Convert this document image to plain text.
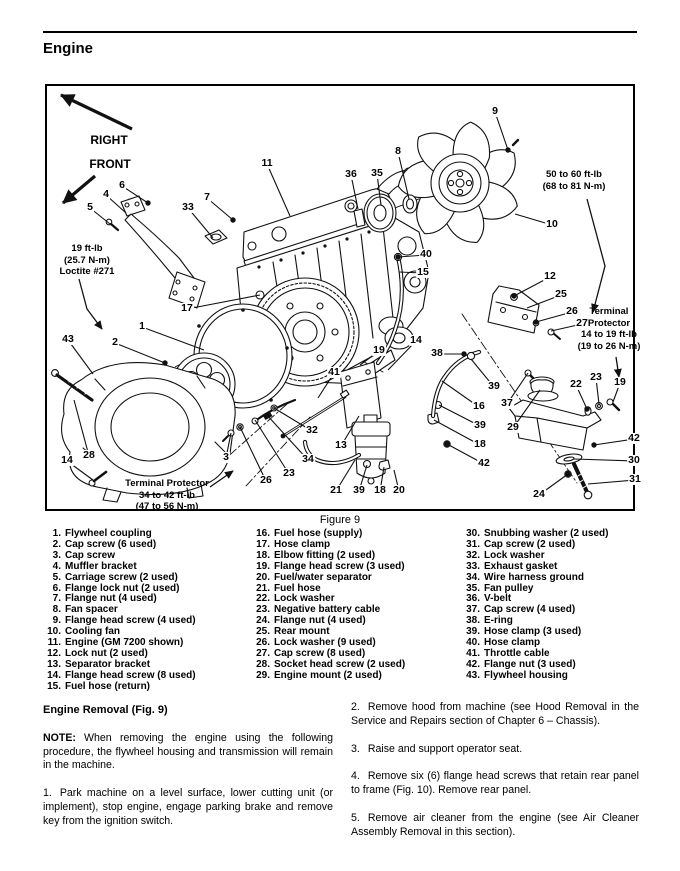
Engine
5
4
6
33
7
11
36 35
8
9
10
40
15	12
25
26
27
17
1
2
43
19
14
38
41
39
16 37
29
39
18
42
13
21 39 18 20
22
23 19
42
30
31
24
14 28	3
26
23
34
32
RIGHT
FRONT
19 ft-lb
(25.7 N-m)
Loctite #271
50 to 60 ft-lb
(68 to 81 N-m)
Terminal
Protector
14 to 19 ft-lb
(19 to 26 N-m)
Terminal Protector
34 to 42 ft-lb
(47 to 56 N-m)
Figure 9
1. Flywheel coupling
2. Cap screw (6 used)
3. Cap screw
4. Muffler bracket
5. Carriage screw (2 used)
6. Flange lock nut (2 used)
7. Flange nut (4 used)
8. Fan spacer
9. Flange head screw (4 used)
10. Cooling fan
11. Engine (GM 7200 shown)
12. Lock nut (2 used)
13. Separator bracket
14. Flange head screw (8 used)
15. Fuel hose (return)
16. Fuel hose (supply)
17. Hose clamp
18. Elbow fitting (2 used)
19. Flange head screw (3 used)
20. Fuel/water separator
21. Fuel hose
22. Lock washer
23. Negative battery cable
24. Flange nut (4 used)
25. Rear mount
26. Lock washer (9 used)
27. Cap screw (8 used)
28. Socket head screw (2 used)
29. Engine mount (2 used)
30. Snubbing washer (2 used)
31. Cap screw (2 used)
32. Lock washer
33. Exhaust gasket
34. Wire harness ground
35. Fan pulley
36. V-belt
37. Cap screw (4 used)
38. E-ring
39. Hose clamp (3 used)
40. Hose clamp
41. Throttle cable
42. Flange nut (3 used)
43. Flywheel housing
Engine Removal (Fig. 9)

NOTE: When removing the engine using the following procedure, the flywheel housing and transmission will remain in the machine.

1. Park machine on a level surface, lower cutting unit (or implement), stop engine, engage parking brake and remove key from the ignition switch.

2. Remove hood from machine (see Hood Removal in the Service and Repairs section of Chapter 6 – Chassis).

3. Raise and support operator seat.

4. Remove six (6) flange head screws that retain rear panel to frame (Fig. 10). Remove rear panel.

5. Remove air cleaner from the engine (see Air Cleaner Assembly Removal in this section).
